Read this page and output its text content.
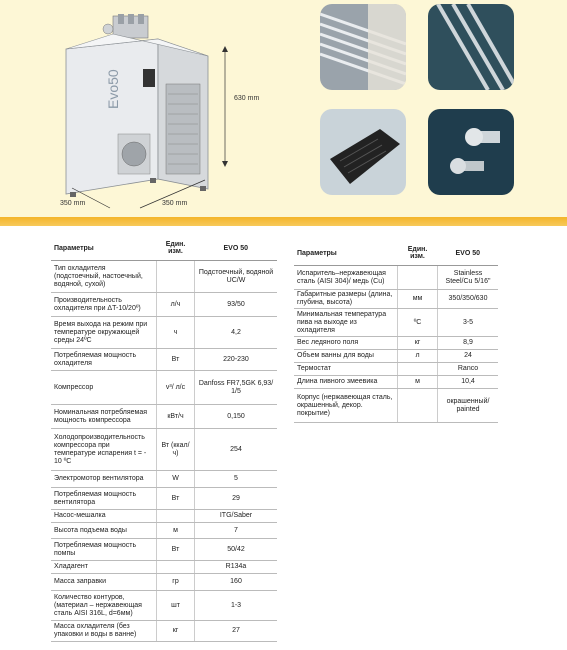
Evo50	630 mm
350 mm	350 mm
Параметры	Един. изм.	EVO 50
Тип охладителя (подстоечный, настоечный, водяной, сухой)		Подстоечный, водяной UC/W
Производительность охладителя при ΔT-10/20º)	л/ч	93/50
Время выхода на режим при температуре окружающей среды 24ºС	ч	4,2
Потребляемая мощность охладителя	Вт	220-230
Компрессор	v³/ л/с	Danfoss FR7,5GK 6,93/ 1/5
Номинальная потребляемая мощность компрессора	кВт/ч	0,150
Холодопроизводительность компрессора при температуре испарения t = - 10 ºС	Вт (ккал/ч)	254
Электромотор вентилятора	W	5
Потребляемая мощность вентилятора	Вт	29
Насос-мешалка		ITG/Saber
Высота подъема воды	м	7
Потребляемая мощность помпы	Вт	50/42
Хладагент		R134a
Масса заправки	гр	160
Количество контуров, (материал – нержавеющая сталь AISI 316L, d=6мм)	шт	1-3
Масса охладителя (без упаковки и воды в ванне)	кг	27
Параметры	Един. изм.	EVO 50
Испаритель–нержавеющая сталь (AISI 304)/ медь (Cu)		Stainless Steel/Cu 5/16"
Габаритные размеры (длина, глубина, высота)	мм	350/350/630
Минимальная температура пива на выходе из охладителя	ºС	3-5
Вес ледяного поля	кг	8,9
Объем ванны для воды	л	24
Термостат		Ranco
Длина пивного змеевика	м	10,4
Корпус (нержавеющая сталь, окрашенный, декор. покрытие)		окрашенный/ painted
